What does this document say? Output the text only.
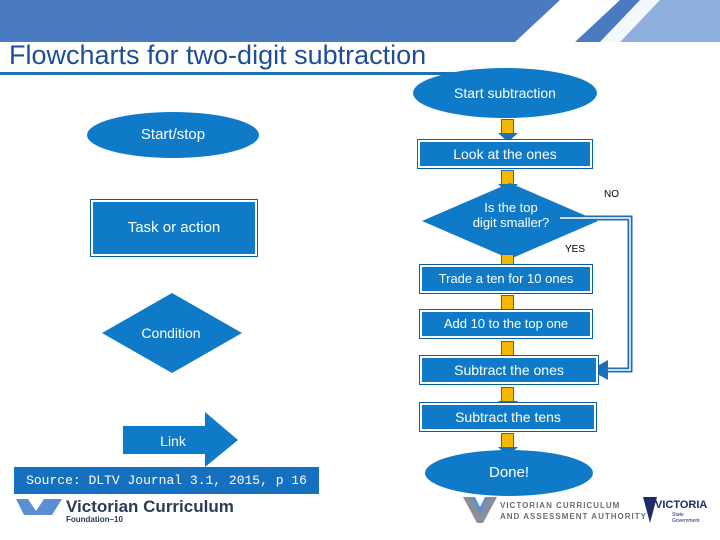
Flowcharts for two-digit subtraction
Start/stop
Task or action
Condition
Link
Source: DLTV Journal 3.1, 2015, p 16
Start subtraction
Look at the ones
Is the top digit smaller?
NO
YES
Trade a ten for 10 ones
Add 10 to the top one
Subtract the ones
Subtract the tens
Done!
Victorian Curriculum
Foundation–10
VICTORIAN CURRICULUM
AND ASSESSMENT AUTHORITY
VICTORIA
State
Government
